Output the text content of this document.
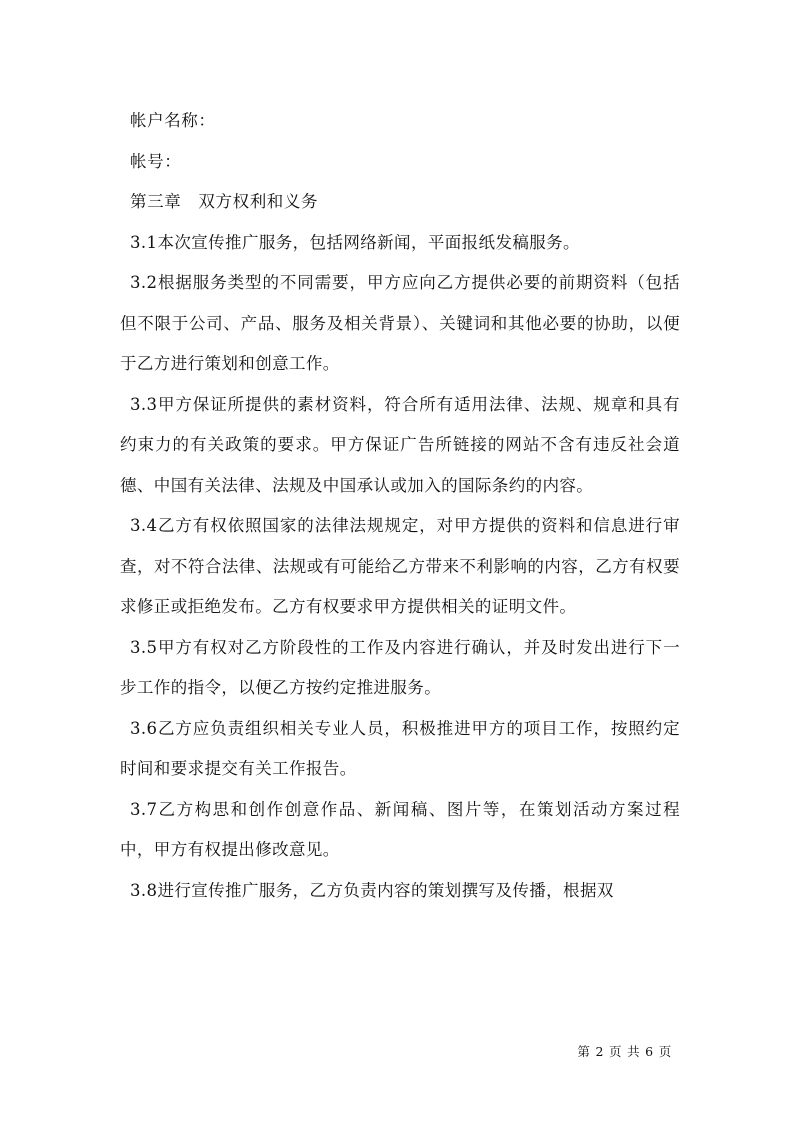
帐户名称：

帐号：

第三章　双方权利和义务

3.1本次宣传推广服务，包括网络新闻，平面报纸发稿服务。

3.2根据服务类型的不同需要，甲方应向乙方提供必要的前期资料（包括但不限于公司、产品、服务及相关背景）、关键词和其他必要的协助，以便于乙方进行策划和创意工作。

3.3甲方保证所提供的素材资料，符合所有适用法律、法规、规章和具有约束力的有关政策的要求。甲方保证广告所链接的网站不含有违反社会道德、中国有关法律、法规及中国承认或加入的国际条约的内容。

3.4乙方有权依照国家的法律法规规定，对甲方提供的资料和信息进行审查，对不符合法律、法规或有可能给乙方带来不利影响的内容，乙方有权要求修正或拒绝发布。乙方有权要求甲方提供相关的证明文件。

3.5甲方有权对乙方阶段性的工作及内容进行确认，并及时发出进行下一步工作的指令，以便乙方按约定推进服务。

3.6乙方应负责组织相关专业人员，积极推进甲方的项目工作，按照约定时间和要求提交有关工作报告。

3.7乙方构思和创作创意作品、新闻稿、图片等，在策划活动方案过程中，甲方有权提出修改意见。

3.8进行宣传推广服务，乙方负责内容的策划撰写及传播，根据双

第 2 页 共 6 页
